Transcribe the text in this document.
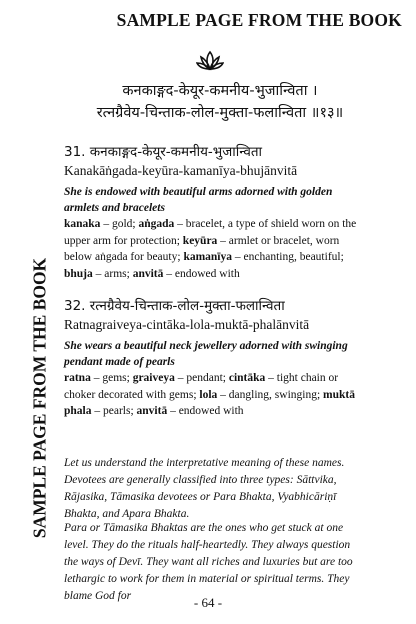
SAMPLE PAGE FROM THE BOOK
SAMPLE PAGE FROM THE BOOK
कनकाङ्गद-केयूर-कमनीय-भुजान्विता ।
रत्नग्रैवेय-चिन्ताक-लोल-मुक्ता-फलान्विता ॥१३॥

31. कनकाङ्गद-केयूर-कमनीय-भुजान्विता

Kanakāṅgada-keyūra-kamanīya-bhujānvitā

She is endowed with beautiful arms adorned with golden armlets and bracelets

kanaka – gold; aṅgada – bracelet, a type of shield worn on the upper arm for protection; keyūra – armlet or bracelet, worn below aṅgada for beauty; kamanīya – enchanting, beautiful; bhuja – arms; anvitā – endowed with

32. रत्नग्रैवेय-चिन्ताक-लोल-मुक्ता-फलान्विता

Ratnagraiveya-cintāka-lola-muktā-phalānvitā

She wears a beautiful neck jewellery adorned with swinging pendant made of pearls

ratna – gems; graiveya – pendant; cintāka – tight chain or choker decorated with gems; lola – dangling, swinging; muktā phala – pearls; anvitā – endowed with

Let us understand the interpretative meaning of these names. Devotees are generally classified into three types: Sāttvika, Rājasika, Tāmasika devotees or Para Bhakta, Vyabhicāriṇī Bhakta, and Apara Bhakta.

Para or Tāmasika Bhaktas are the ones who get stuck at one level. They do the rituals half-heartedly. They always question the ways of Devī. They want all riches and luxuries but are too lethargic to work for them in material or spiritual terms. They blame God for	- 64 -
